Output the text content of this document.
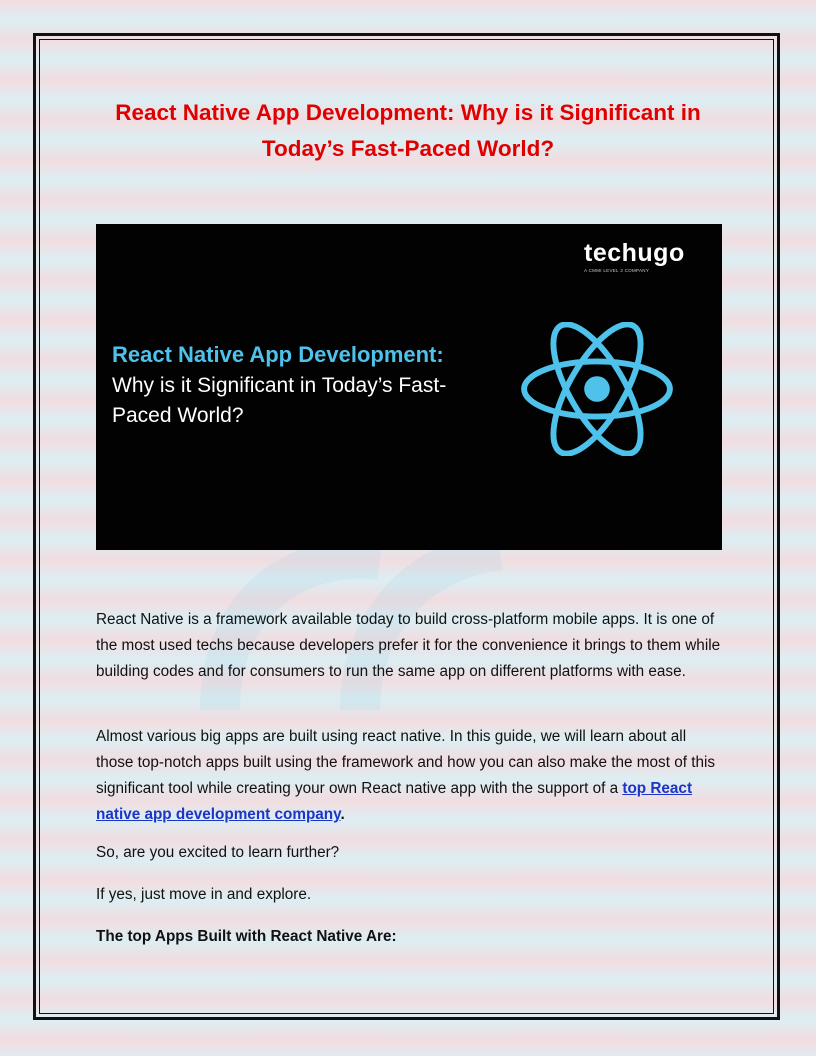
React Native App Development: Why is it Significant in
Today’s Fast-Paced World?
techugo
A CMMI LEVEL 3 COMPANY
React Native App Development:
Why is it Significant in Today’s Fast-Paced World?

React Native is a framework available today to build cross-platform mobile apps. It is one of the most used techs because developers prefer it for the convenience it brings to them while building codes and for consumers to run the same app on different platforms with ease.

Almost various big apps are built using react native. In this guide, we will learn about all those top-notch apps built using the framework and how you can also make the most of this significant tool while creating your own React native app with the support of a top React native app development company.

So, are you excited to learn further?

If yes, just move in and explore.

The top Apps Built with React Native Are:
